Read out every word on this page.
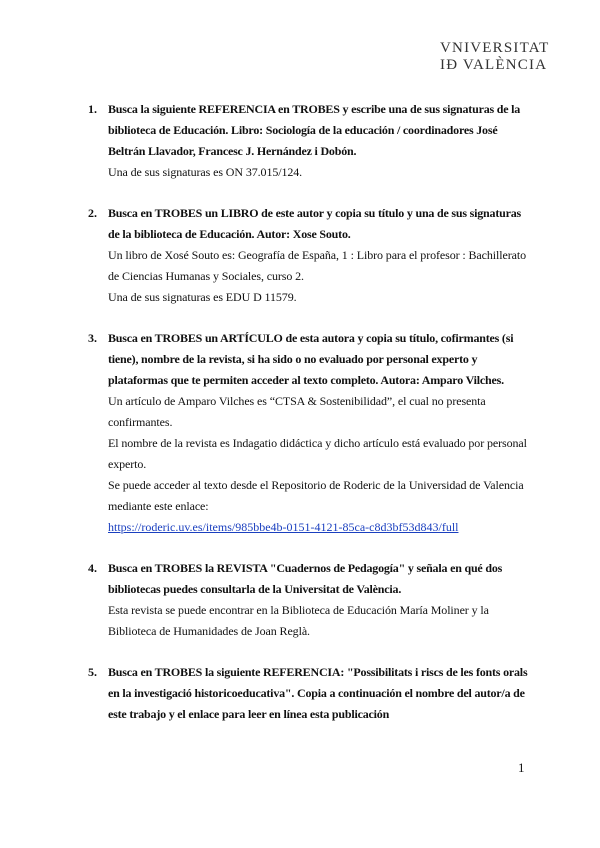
VNIVERSITAT
IÐ VALÈNCIA
1. Busca la siguiente REFERENCIA en TROBES y escribe una de sus signaturas de la biblioteca de Educación. Libro: Sociología de la educación / coordinadores José Beltrán Llavador, Francesc J. Hernández i Dobón.
Una de sus signaturas es ON 37.015/124.
2. Busca en TROBES un LIBRO de este autor y copia su título y una de sus signaturas de la biblioteca de Educación. Autor: Xose Souto.
Un libro de Xosé Souto es: Geografía de España, 1 : Libro para el profesor : Bachillerato de Ciencias Humanas y Sociales, curso 2.
Una de sus signaturas es EDU D 11579.
3. Busca en TROBES un ARTÍCULO de esta autora y copia su título, cofirmantes (si tiene), nombre de la revista, si ha sido o no evaluado por personal experto y plataformas que te permiten acceder al texto completo. Autora: Amparo Vilches.
Un artículo de Amparo Vilches es “CTSA & Sostenibilidad”, el cual no presenta confirmantes.
El nombre de la revista es Indagatio didáctica y dicho artículo está evaluado por personal experto.
Se puede acceder al texto desde el Repositorio de Roderic de la Universidad de Valencia mediante este enlace:
https://roderic.uv.es/items/985bbe4b-0151-4121-85ca-c8d3bf53d843/full
4. Busca en TROBES la REVISTA "Cuadernos de Pedagogía" y señala en qué dos bibliotecas puedes consultarla de la Universitat de València.
Esta revista se puede encontrar en la Biblioteca de Educación María Moliner y la Biblioteca de Humanidades de Joan Reglà.
5. Busca en TROBES la siguiente REFERENCIA: "Possibilitats i riscs de les fonts orals en la investigació historicoeducativa". Copia a continuación el nombre del autor/a de este trabajo y el enlace para leer en línea esta publicación
1
